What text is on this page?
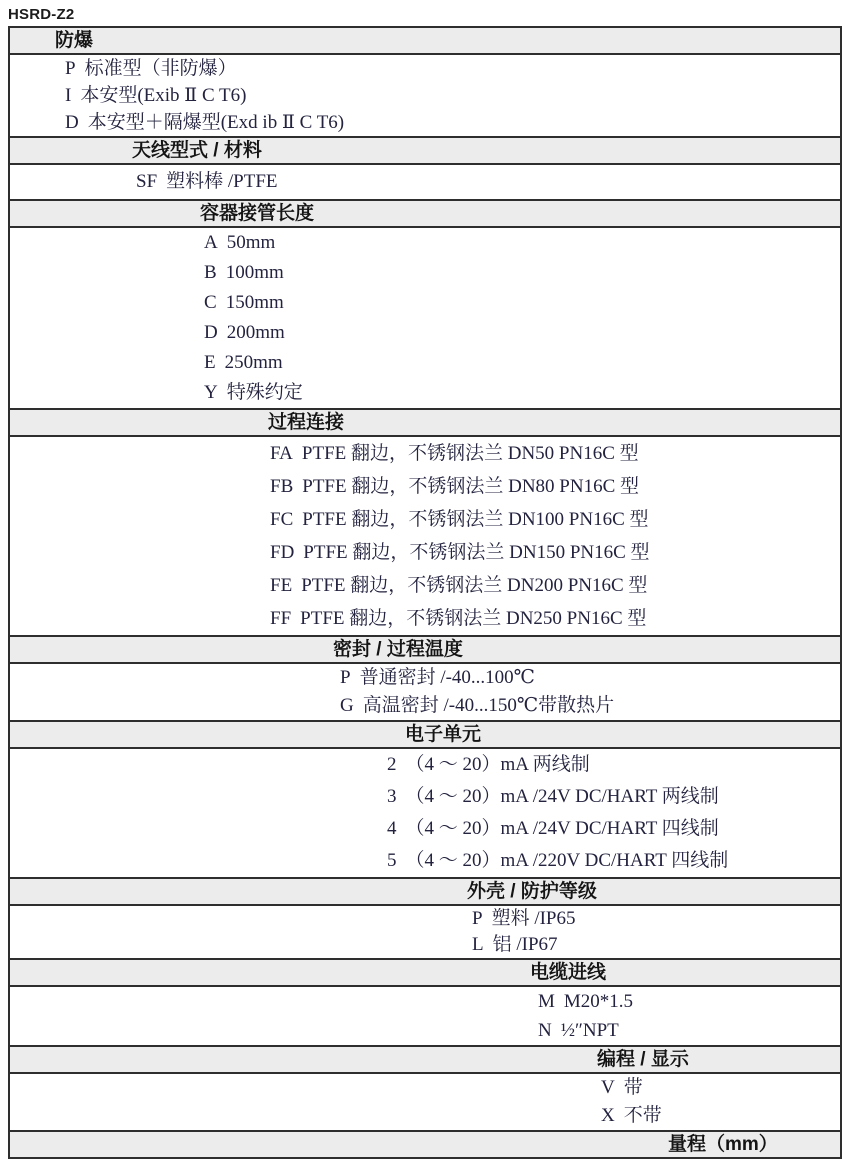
HSRD-Z2
防爆
P 标准型（非防爆）
I 本安型(Exib Ⅱ C T6)
D 本安型＋隔爆型(Exd ib Ⅱ C T6)
天线型式 / 材料
SF 塑料棒 /PTFE
容器接管长度
A 50mm
B 100mm
C 150mm
D 200mm
E 250mm
Y 特殊约定
过程连接
FA PTFE 翻边，不锈钢法兰 DN50 PN16C 型
FB PTFE 翻边，不锈钢法兰 DN80 PN16C 型
FC PTFE 翻边，不锈钢法兰 DN100 PN16C 型
FD PTFE 翻边，不锈钢法兰 DN150 PN16C 型
FE PTFE 翻边，不锈钢法兰 DN200 PN16C 型
FF PTFE 翻边，不锈钢法兰 DN250 PN16C 型
密封 / 过程温度
P 普通密封 /-40...100℃
G 高温密封 /-40...150℃带散热片
电子单元
2 （4 ～ 20）mA 两线制
3 （4 ～ 20）mA /24V DC/HART 两线制
4 （4 ～ 20）mA /24V DC/HART 四线制
5 （4 ～ 20）mA /220V DC/HART 四线制
外壳 / 防护等级
P 塑料 /IP65
L 铝 /IP67
电缆进线
M M20*1.5
N ½″NPT
编程 / 显示
V 带
X 不带
量程（mm）
